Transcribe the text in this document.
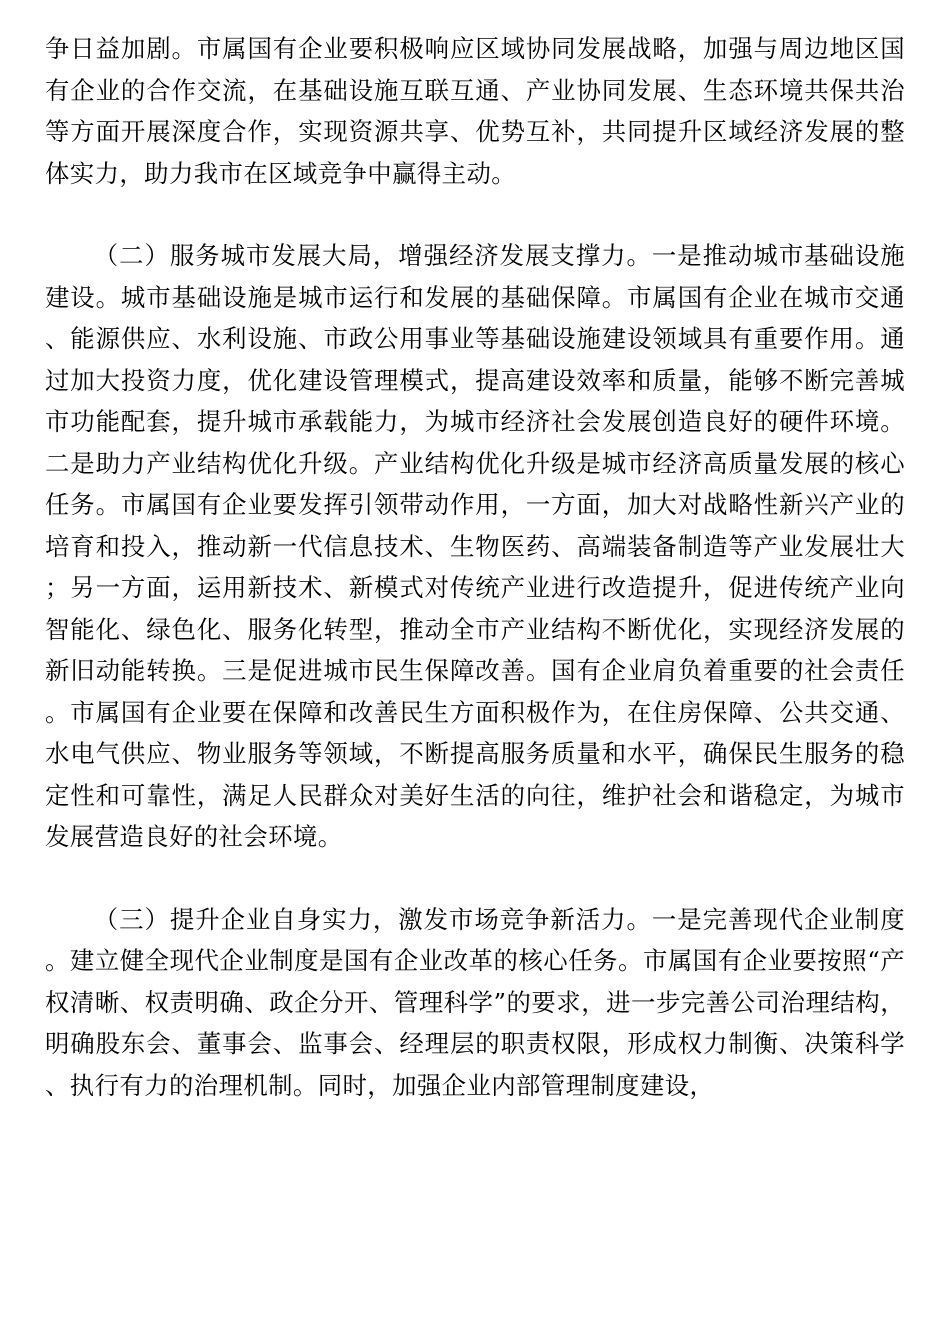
争日益加剧。市属国有企业要积极响应区域协同发展战略，加强与周边地区国有企业的合作交流，在基础设施互联互通、产业协同发展、生态环境共保共治等方面开展深度合作，实现资源共享、优势互补，共同提升区域经济发展的整体实力，助力我市在区域竞争中赢得主动。

（二）服务城市发展大局，增强经济发展支撑力。一是推动城市基础设施建设。城市基础设施是城市运行和发展的基础保障。市属国有企业在城市交通、能源供应、水利设施、市政公用事业等基础设施建设领域具有重要作用。通过加大投资力度，优化建设管理模式，提高建设效率和质量，能够不断完善城市功能配套，提升城市承载能力，为城市经济社会发展创造良好的硬件环境。二是助力产业结构优化升级。产业结构优化升级是城市经济高质量发展的核心任务。市属国有企业要发挥引领带动作用，一方面，加大对战略性新兴产业的培育和投入，推动新一代信息技术、生物医药、高端装备制造等产业发展壮大；另一方面，运用新技术、新模式对传统产业进行改造提升，促进传统产业向智能化、绿色化、服务化转型，推动全市产业结构不断优化，实现经济发展的新旧动能转换。三是促进城市民生保障改善。国有企业肩负着重要的社会责任。市属国有企业要在保障和改善民生方面积极作为，在住房保障、公共交通、水电气供应、物业服务等领域，不断提高服务质量和水平，确保民生服务的稳定性和可靠性，满足人民群众对美好生活的向往，维护社会和谐稳定，为城市发展营造良好的社会环境。

（三）提升企业自身实力，激发市场竞争新活力。一是完善现代企业制度。建立健全现代企业制度是国有企业改革的核心任务。市属国有企业要按照“产权清晰、权责明确、政企分开、管理科学”的要求，进一步完善公司治理结构，明确股东会、董事会、监事会、经理层的职责权限，形成权力制衡、决策科学、执行有力的治理机制。同时，加强企业内部管理制度建设，
